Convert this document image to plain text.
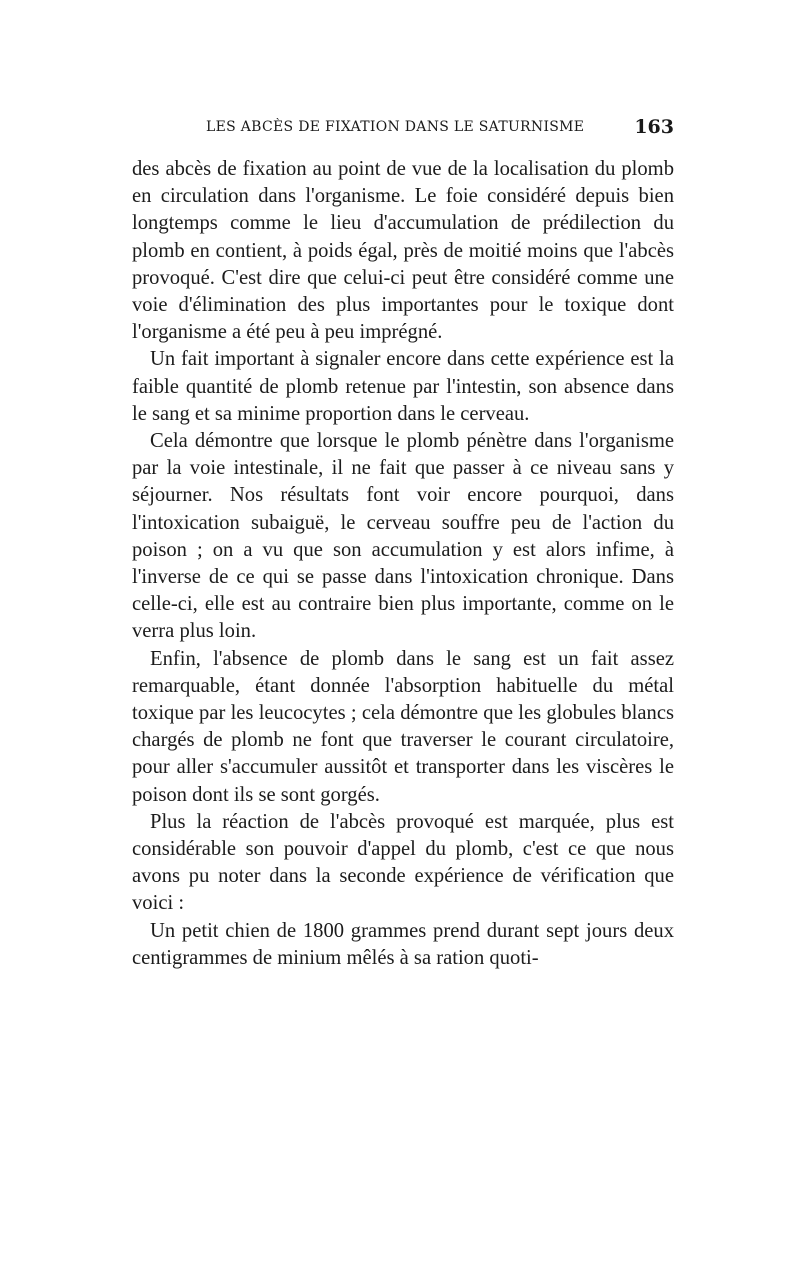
LES ABCÈS DE FIXATION DANS LE SATURNISME	163

des abcès de fixation au point de vue de la localisation du plomb en circulation dans l'organisme. Le foie considéré depuis bien longtemps comme le lieu d'accumulation de prédilection du plomb en contient, à poids égal, près de moitié moins que l'abcès provoqué. C'est dire que celui-ci peut être considéré comme une voie d'élimination des plus importantes pour le toxique dont l'organisme a été peu à peu imprégné.

Un fait important à signaler encore dans cette expérience est la faible quantité de plomb retenue par l'intestin, son absence dans le sang et sa minime proportion dans le cerveau.

Cela démontre que lorsque le plomb pénètre dans l'organisme par la voie intestinale, il ne fait que passer à ce niveau sans y séjourner. Nos résultats font voir encore pourquoi, dans l'intoxication subaiguë, le cerveau souffre peu de l'action du poison ; on a vu que son accumulation y est alors infime, à l'inverse de ce qui se passe dans l'intoxication chronique. Dans celle-ci, elle est au contraire bien plus importante, comme on le verra plus loin.

Enfin, l'absence de plomb dans le sang est un fait assez remarquable, étant donnée l'absorption habituelle du métal toxique par les leucocytes ; cela démontre que les globules blancs chargés de plomb ne font que traverser le courant circulatoire, pour aller s'accumuler aussitôt et transporter dans les viscères le poison dont ils se sont gorgés.

Plus la réaction de l'abcès provoqué est marquée, plus est considérable son pouvoir d'appel du plomb, c'est ce que nous avons pu noter dans la seconde expérience de vérification que voici :

Un petit chien de 1800 grammes prend durant sept jours deux centigrammes de minium mêlés à sa ration quoti-
